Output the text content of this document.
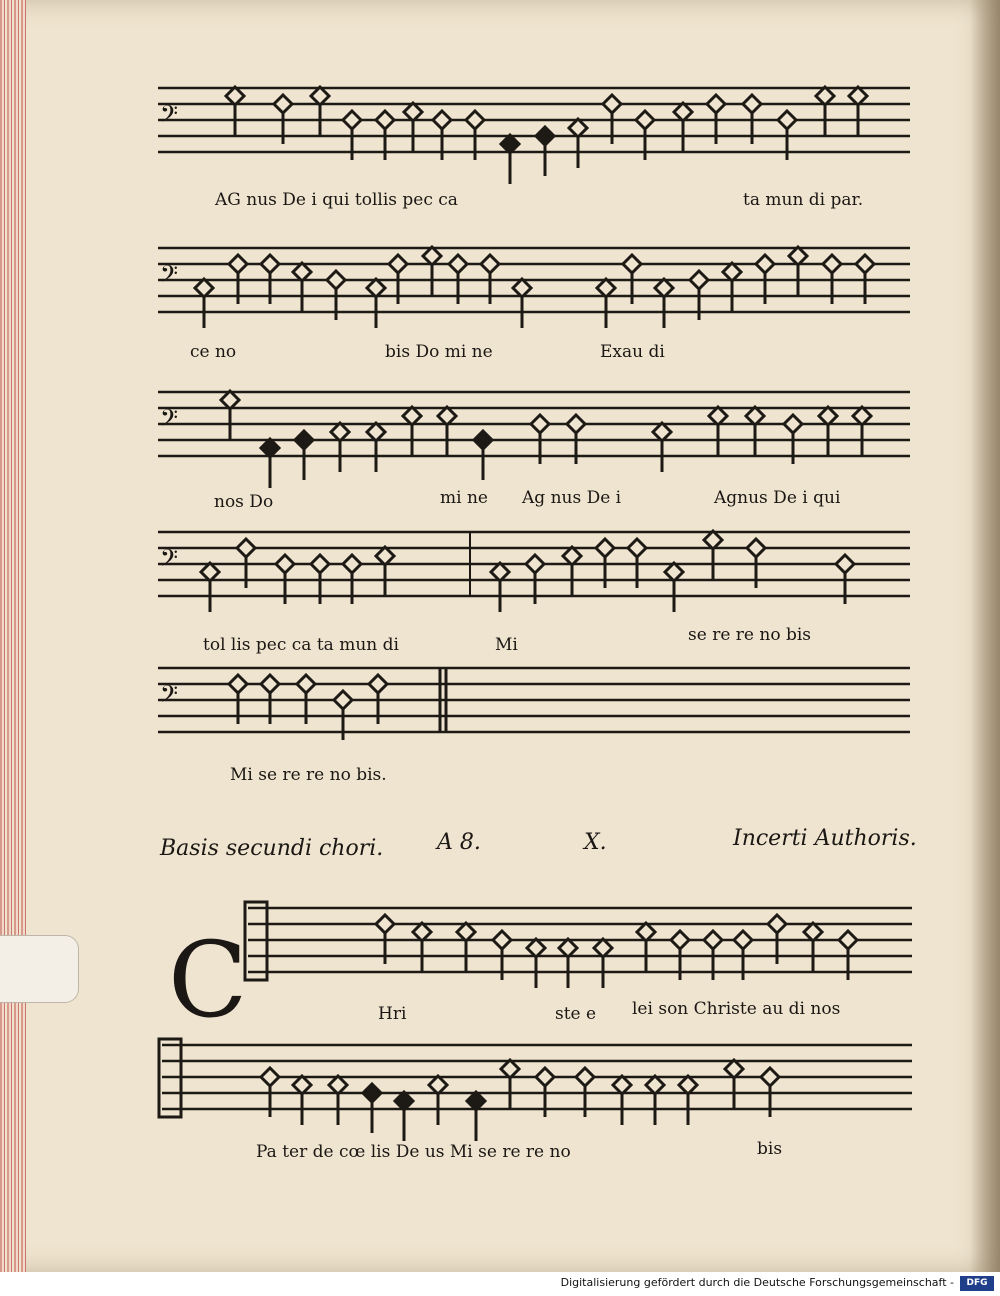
𝄢
𝄢
𝄢
𝄢
𝄢
AG nus De i qui tollis pec ca	ta mun di par.
ce no	bis Do mi ne	Exau di
nos Do	mi ne Ag nus De i	Agnus De i qui
tol lis pec ca ta mun di	Mi	se re re no bis
Mi se re re no bis.
Basis secundi chori. A 8.	X.	Incerti Authoris.
C	Hri	ste e lei son Christe au di nos
Pa ter de cœ lis De us Mi se re re no	bis
Digitalisierung gefördert durch die Deutsche Forschungsgemeinschaft -	DFG
